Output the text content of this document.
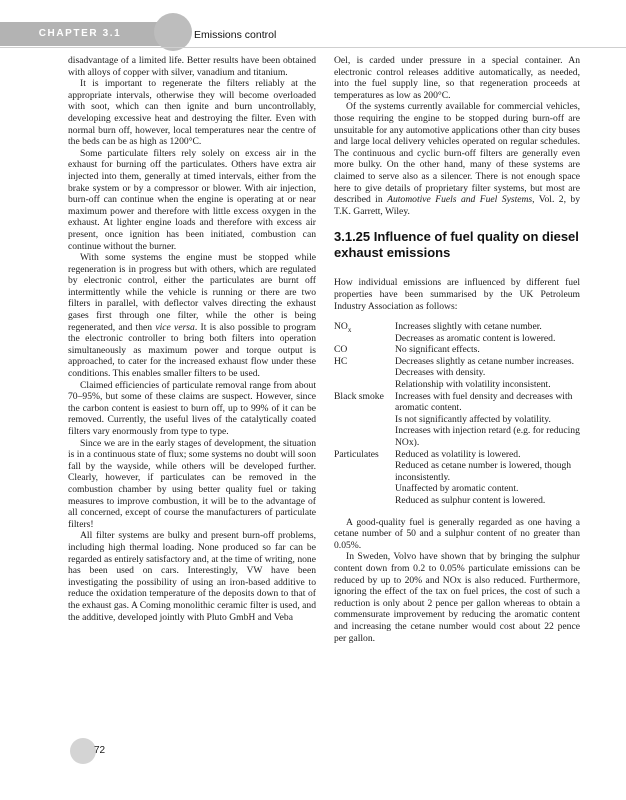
CHAPTER 3.1	Emissions control

disadvantage of a limited life. Better results have been obtained with alloys of copper with silver, vanadium and titanium.

It is important to regenerate the filters reliably at the appropriate intervals, otherwise they will become overloaded with soot, which can then ignite and burn uncontrollably, developing excessive heat and destroying the filter. Even with normal burn off, however, local temperatures near the centre of the beds can be as high as 1200°C.

Some particulate filters rely solely on excess air in the exhaust for burning off the particulates. Others have extra air injected into them, generally at timed intervals, either from the brake system or by a compressor or blower. With air injection, burn-off can continue when the engine is operating at or near maximum power and therefore with little excess oxygen in the exhaust. At lighter engine loads and therefore with excess air present, once ignition has been initiated, combustion can continue without the burner.

With some systems the engine must be stopped while regeneration is in progress but with others, which are regulated by electronic control, either the particulates are burnt off intermittently while the vehicle is running or there are two filters in parallel, with deflector valves directing the exhaust gases first through one filter, while the other is being regenerated, and then vice versa. It is also possible to program the electronic controller to bring both filters into operation simultaneously as maximum power and torque output is approached, to cater for the increased exhaust flow under these conditions. This enables smaller filters to be used.

Claimed efficiencies of particulate removal range from about 70–95%, but some of these claims are suspect. However, since the carbon content is easiest to burn off, up to 99% of it can be removed. Currently, the useful lives of the catalytically coated filters vary enormously from type to type.

Since we are in the early stages of development, the situation is in a continuous state of flux; some systems no doubt will soon fall by the wayside, while others will be developed further. Clearly, however, if particulates can be removed in the combustion chamber by using better quality fuel or taking measures to improve combustion, it will be to the advantage of all concerned, except of course the manufacturers of particulate filters!

All filter systems are bulky and present burn-off problems, including high thermal loading. None produced so far can be regarded as entirely satisfactory and, at the time of writing, none has been used on cars. Interestingly, VW have been investigating the possibility of using an iron-based additive to reduce the oxidation temperature of the deposits down to that of the exhaust gas. A Coming monolithic ceramic filter is used, and the additive, developed jointly with Pluto GmbH and Veba

Oel, is carded under pressure in a special container. An electronic control releases additive automatically, as needed, into the fuel supply line, so that regeneration proceeds at temperatures as low as 200°C.

Of the systems currently available for commercial vehicles, those requiring the engine to be stopped during burn-off are unsuitable for any automotive applications other than city buses and large local delivery vehicles operated on regular schedules. The continuous and cyclic burn-off filters are generally even more bulky. On the other hand, many of these systems are claimed to serve also as a silencer. There is not enough space here to give details of proprietary filter systems, but most are described in Automotive Fuels and Fuel Systems, Vol. 2, by T.K. Garrett, Wiley.

3.1.25 Influence of fuel quality on diesel exhaust emissions

How individual emissions are influenced by different fuel properties have been summarised by the UK Petroleum Industry Association as follows:

$NO_x$	Increases slightly with cetane number.
Decreases as aromatic content is lowered.
CO	No significant effects.
HC	Decreases slightly as cetane number increases.
Decreases with density.
Relationship with volatility inconsistent.
Black smoke	Increases with fuel density and decreases with aromatic content.
Is not significantly affected by volatility.
Increases with injection retard (e.g. for reducing NOx).
Particulates	Reduced as volatility is lowered.
Reduced as cetane number is lowered, though inconsistently.
Unaffected by aromatic content.
Reduced as sulphur content is lowered.

A good-quality fuel is generally regarded as one having a cetane number of 50 and a sulphur content of no greater than 0.05%.

In Sweden, Volvo have shown that by bringing the sulphur content down from 0.2 to 0.05% particulate emissions can be reduced by up to 20% and NOx is also reduced. Furthermore, ignoring the effect of the tax on fuel prices, the cost of such a reduction is only about 2 pence per gallon whereas to obtain a commensurate improvement by reducing the aromatic content and increasing the cetane number would cost about 22 pence per gallon.

72
